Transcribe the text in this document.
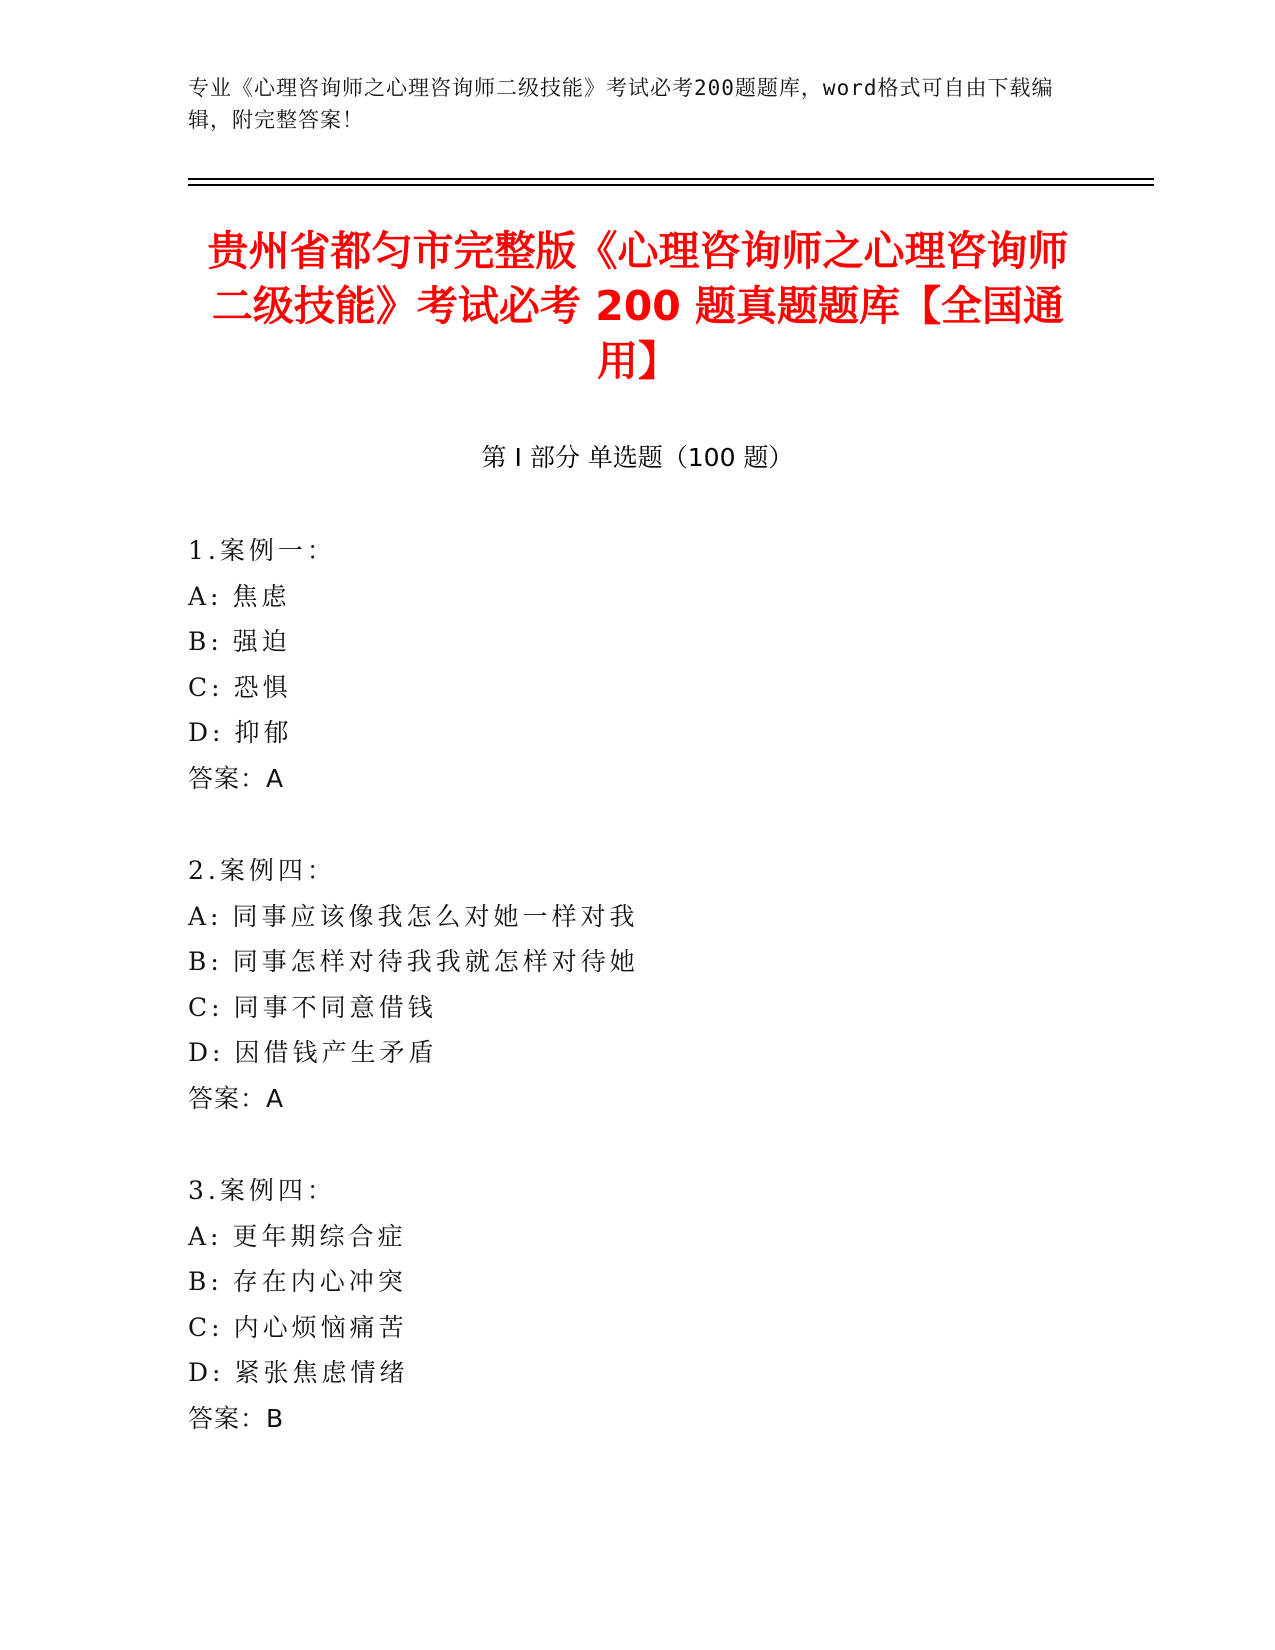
专业《心理咨询师之心理咨询师二级技能》考试必考200题题库，word格式可自由下载编辑，附完整答案！
贵州省都匀市完整版《心理咨询师之心理咨询师二级技能》考试必考 200 题真题题库【全国通用】
第 I 部分 单选题（100 题）
1.案例一：
A: 焦虑
B: 强迫
C: 恐惧
D: 抑郁
答案：A
2.案例四：
A: 同事应该像我怎么对她一样对我
B: 同事怎样对待我我就怎样对待她
C: 同事不同意借钱
D: 因借钱产生矛盾
答案：A
3.案例四：
A: 更年期综合症
B: 存在内心冲突
C: 内心烦恼痛苦
D: 紧张焦虑情绪
答案：B
